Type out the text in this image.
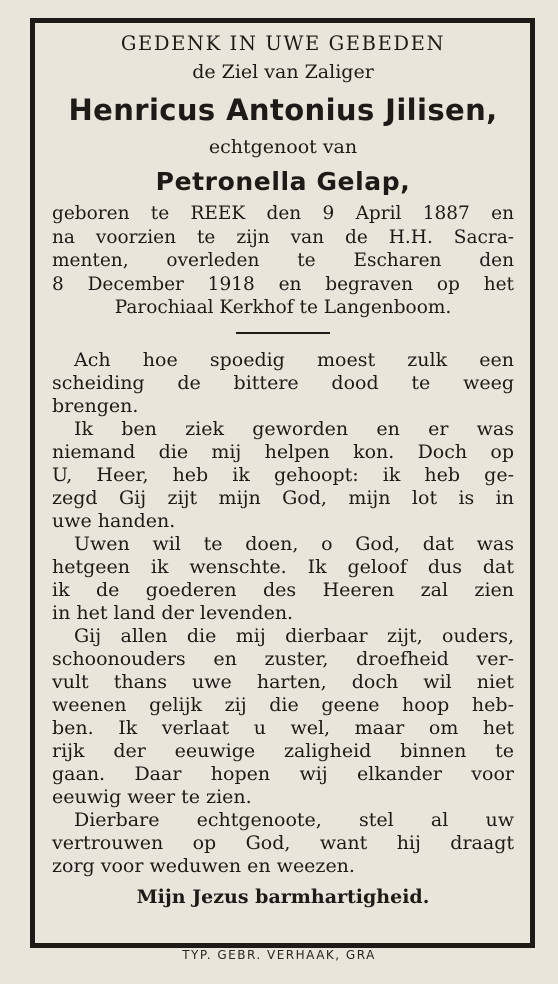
GEDENK IN UWE GEBEDEN
de Ziel van Zaliger
Henricus Antonius Jilisen,
echtgenoot van
Petronella Gelap,
geboren te REEK den 9 April 1887 en
na voorzien te zijn van de H.H. Sacra-
menten, overleden te Escharen den
8 December 1918 en begraven op het
Parochiaal Kerkhof te Langenboom.
Ach hoe spoedig moest zulk een
scheiding de bittere dood te weeg
brengen.
Ik ben ziek geworden en er was
niemand die mij helpen kon. Doch op
U, Heer, heb ik gehoopt: ik heb ge-
zegd Gij zijt mijn God, mijn lot is in
uwe handen.
Uwen wil te doen, o God, dat was
hetgeen ik wenschte. Ik geloof dus dat
ik de goederen des Heeren zal zien
in het land der levenden.
Gij allen die mij dierbaar zijt, ouders,
schoonouders en zuster, droefheid ver-
vult thans uwe harten, doch wil niet
weenen gelijk zij die geene hoop heb-
ben. Ik verlaat u wel, maar om het
rijk der eeuwige zaligheid binnen te
gaan. Daar hopen wij elkander voor
eeuwig weer te zien.
Dierbare echtgenoote, stel al uw
vertrouwen op God, want hij draagt
zorg voor weduwen en weezen.
Mijn Jezus barmhartigheid.
TYP. GEBR. VERHAAK, GRA
